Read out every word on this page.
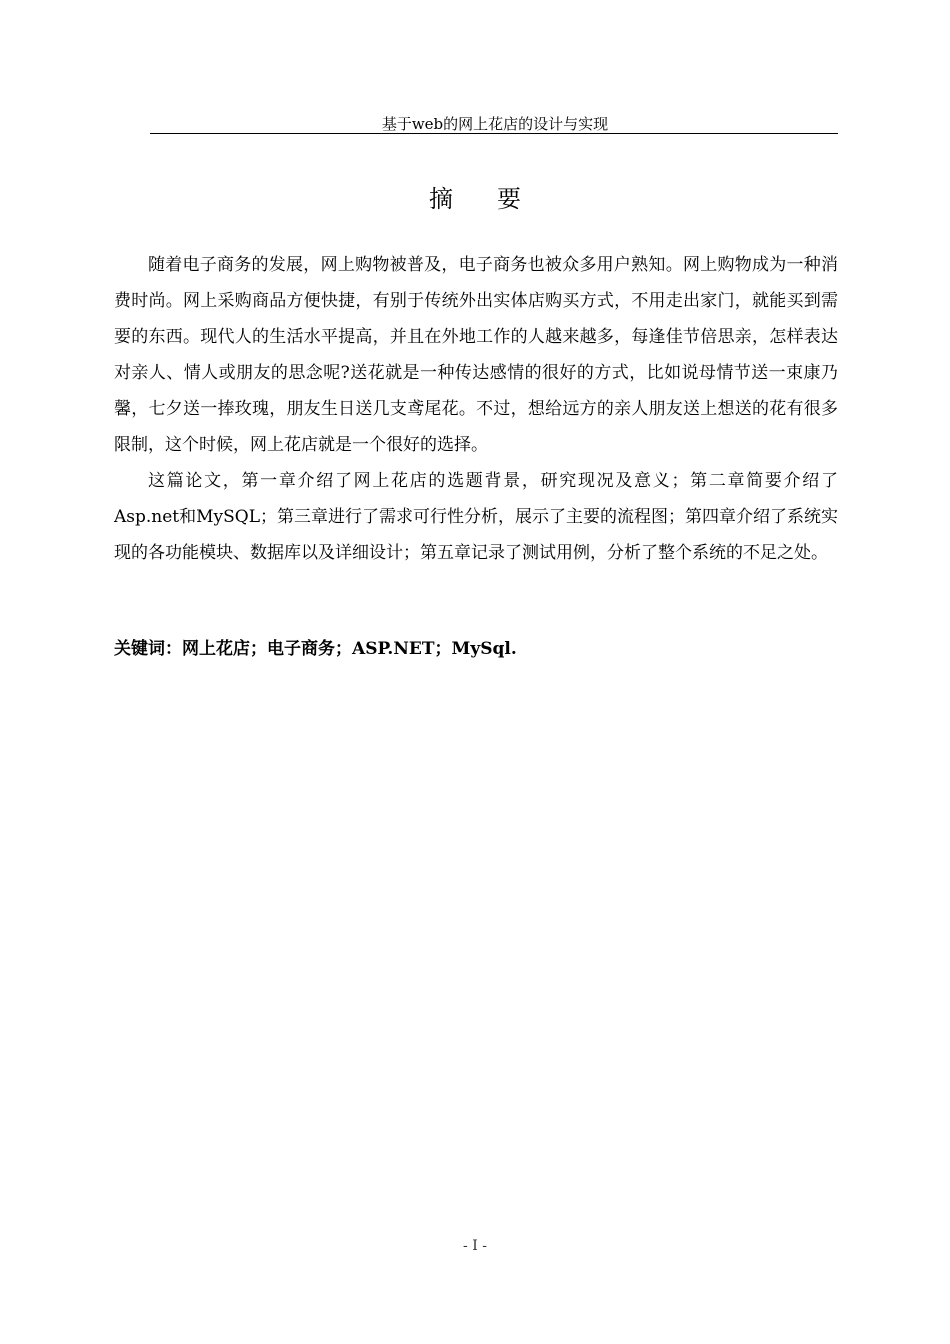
基于web的网上花店的设计与实现
摘要

随着电子商务的发展，网上购物被普及，电子商务也被众多用户熟知。网上购物成为一种消费时尚。网上采购商品方便快捷，有别于传统外出实体店购买方式，不用走出家门，就能买到需要的东西。现代人的生活水平提高，并且在外地工作的人越来越多，每逢佳节倍思亲，怎样表达对亲人、情人或朋友的思念呢?送花就是一种传达感情的很好的方式，比如说母情节送一束康乃馨，七夕送一捧玫瑰，朋友生日送几支鸢尾花。不过，想给远方的亲人朋友送上想送的花有很多限制，这个时候，网上花店就是一个很好的选择。

这篇论文，第一章介绍了网上花店的选题背景，研究现况及意义；第二章简要介绍了Asp.net和MySQL；第三章进行了需求可行性分析，展示了主要的流程图；第四章介绍了系统实现的各功能模块、数据库以及详细设计；第五章记录了测试用例，分析了整个系统的不足之处。

关键词：网上花店；电子商务；ASP.NET；MySql.

- I -
